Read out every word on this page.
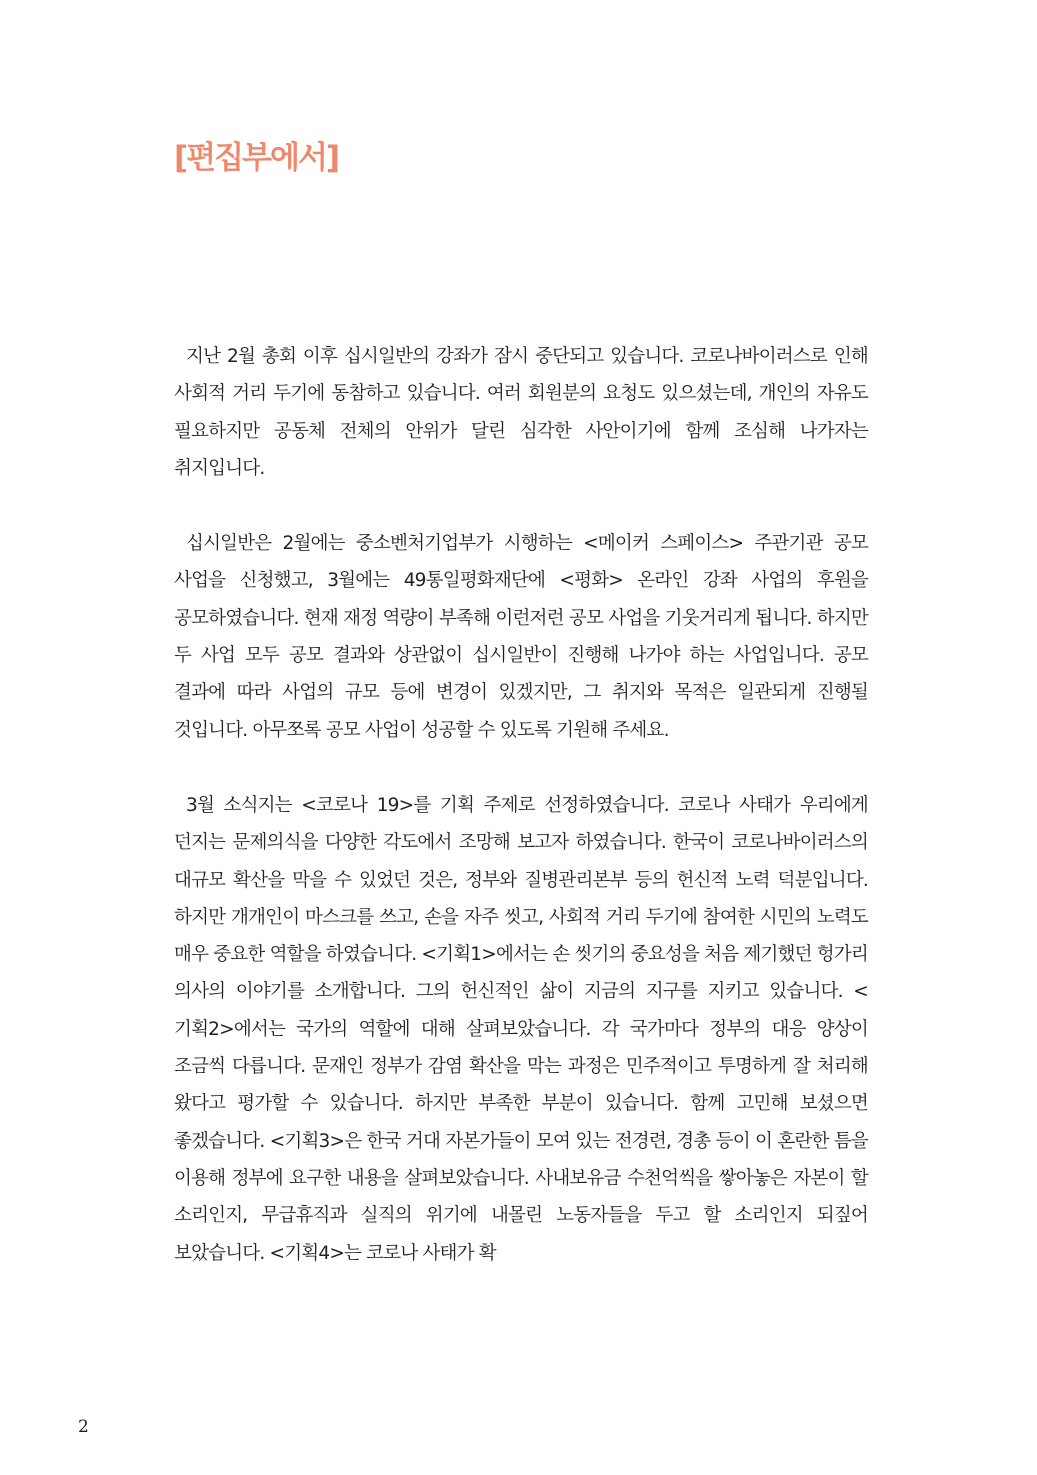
[편집부에서]

지난 2월 총회 이후 십시일반의 강좌가 잠시 중단되고 있습니다. 코로나바이러스로 인해 사회적 거리 두기에 동참하고 있습니다. 여러 회원분의 요청도 있으셨는데, 개인의 자유도 필요하지만 공동체 전체의 안위가 달린 심각한 사안이기에 함께 조심해 나가자는 취지입니다.

십시일반은 2월에는 중소벤처기업부가 시행하는 <메이커 스페이스> 주관기관 공모 사업을 신청했고, 3월에는 49통일평화재단에 <평화> 온라인 강좌 사업의 후원을 공모하였습니다. 현재 재정 역량이 부족해 이런저런 공모 사업을 기웃거리게 됩니다. 하지만 두 사업 모두 공모 결과와 상관없이 십시일반이 진행해 나가야 하는 사업입니다. 공모 결과에 따라 사업의 규모 등에 변경이 있겠지만, 그 취지와 목적은 일관되게 진행될 것입니다. 아무쪼록 공모 사업이 성공할 수 있도록 기원해 주세요.

3월 소식지는 <코로나 19>를 기획 주제로 선정하였습니다. 코로나 사태가 우리에게 던지는 문제의식을 다양한 각도에서 조망해 보고자 하였습니다. 한국이 코로나바이러스의 대규모 확산을 막을 수 있었던 것은, 정부와 질병관리본부 등의 헌신적 노력 덕분입니다. 하지만 개개인이 마스크를 쓰고, 손을 자주 씻고, 사회적 거리 두기에 참여한 시민의 노력도 매우 중요한 역할을 하였습니다. <기획1>에서는 손 씻기의 중요성을 처음 제기했던 헝가리 의사의 이야기를 소개합니다. 그의 헌신적인 삶이 지금의 지구를 지키고 있습니다. <기획2>에서는 국가의 역할에 대해 살펴보았습니다. 각 국가마다 정부의 대응 양상이 조금씩 다릅니다. 문재인 정부가 감염 확산을 막는 과정은 민주적이고 투명하게 잘 처리해 왔다고 평가할 수 있습니다. 하지만 부족한 부분이 있습니다. 함께 고민해 보셨으면 좋겠습니다. <기획3>은 한국 거대 자본가들이 모여 있는 전경련, 경총 등이 이 혼란한 틈을 이용해 정부에 요구한 내용을 살펴보았습니다. 사내보유금 수천억씩을 쌓아놓은 자본이 할 소리인지, 무급휴직과 실직의 위기에 내몰린 노동자들을 두고 할 소리인지 되짚어 보았습니다. <기획4>는 코로나 사태가 확

2
